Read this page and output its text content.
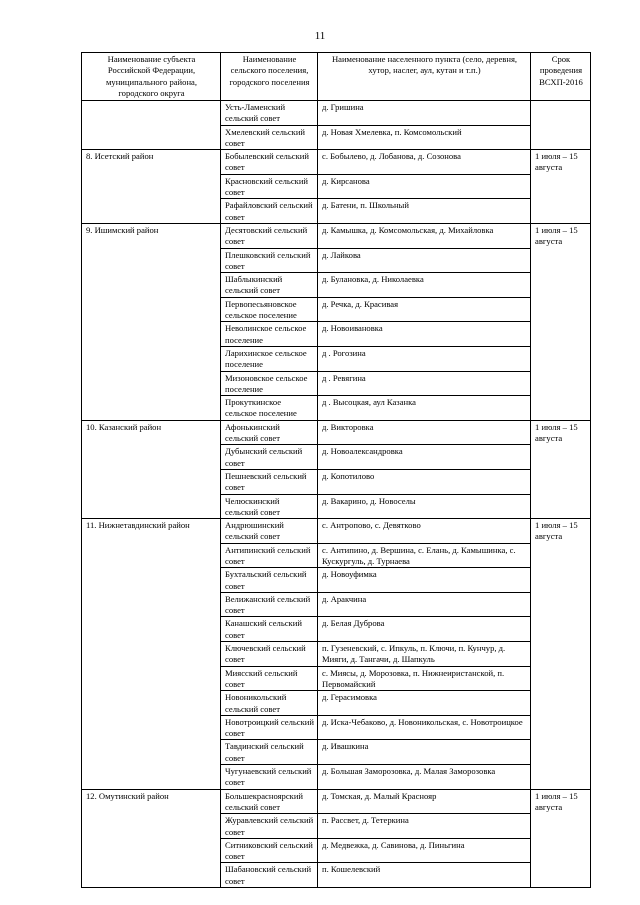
11
Наименование субъекта Российской Федерации, муниципального района, городского округа	Наименование сельского поселения, городского поселения	Наименование населенного пункта (село, деревня, хутор, наслег, аул, кутан и т.п.)	Срок проведения ВСХП-2016
	Усть-Ламенский сельский совет	д. Гришина	
	Хмелевский сельский совет	д. Новая Хмелевка, п. Комсомольский	
8. Исетский район	Бобылевский сельский совет	с. Бобылево, д. Лобанова, д. Созонова	1 июля – 15 августа
	Красновский сельский совет	д. Кирсанова	
	Рафайловский сельский совет	д. Батени, п. Школьный	
9. Ишимский район	Десятовский сельский совет	д. Камышка, д. Комсомольская, д. Михайловка	1 июля – 15 августа
	Плешковский сельский совет	д. Лайкова	
	Шаблыкинский сельский совет	д. Булановка, д. Николаевка	
	Первопесьяновское сельское поселение	д. Речка, д. Красивая	
	Неволинское сельское поселение	д. Новоивановка	
	Ларихинское сельское поселение	д . Рогозина	
	Мизоновское сельское поселение	д . Ревягина	
	Прокуткинское сельское поселение	д . Высоцкая, аул Казанка	
10. Казанский район	Афонькинский сельский совет	д. Викторовка	1 июля – 15 августа
	Дубынский сельский совет	д. Новоалександровка	
	Пешневский сельский совет	д. Копотилово	
	Челюскинский сельский совет	д. Вакарино, д. Новоселы	
11. Нижнетавдинский район	Андрюшинский сельский совет	с. Антропово, с. Девятково	1 июля – 15 августа
	Антипинский сельский совет	с. Антипино, д. Вершина, с. Елань, д. Камышинка, с. Кускургуль, д. Турнаева	
	Бухтальский сельский совет	д. Новоуфимка	
	Велижанский сельский совет	д. Аракчина	
	Канашский сельский совет	д. Белая Дуброва	
	Ключевский сельский совет	п. Гузеневский, с. Ипкуль, п. Ключи, п. Кунчур, д. Мияги, д. Тангачи, д. Шапкуль	
	Миясский сельский совет	с. Миясы, д. Морозовка, п. Нижнеиристанской, п. Первомайский	
	Новоникольский сельский совет	д. Герасимовка	
	Новотроицкий сельский совет	д. Иска-Чебаково, д. Новоникольская, с. Новотроицкое	
	Тавдинский сельский совет	д. Ивашкина	
	Чугунаевский сельский совет	д. Большая Заморозовка, д. Малая Заморозовка	
12. Омутинский район	Большекрасноярский сельский совет	д. Томская, д. Малый Краснояр	1 июля – 15 августа
	Журавлевский сельский совет	п. Рассвет, д. Тетеркина	
	Ситниковский сельский совет	д. Медвежка, д. Савинова, д. Пиньгина	
	Шабановский сельский совет	п. Кошелевский	
